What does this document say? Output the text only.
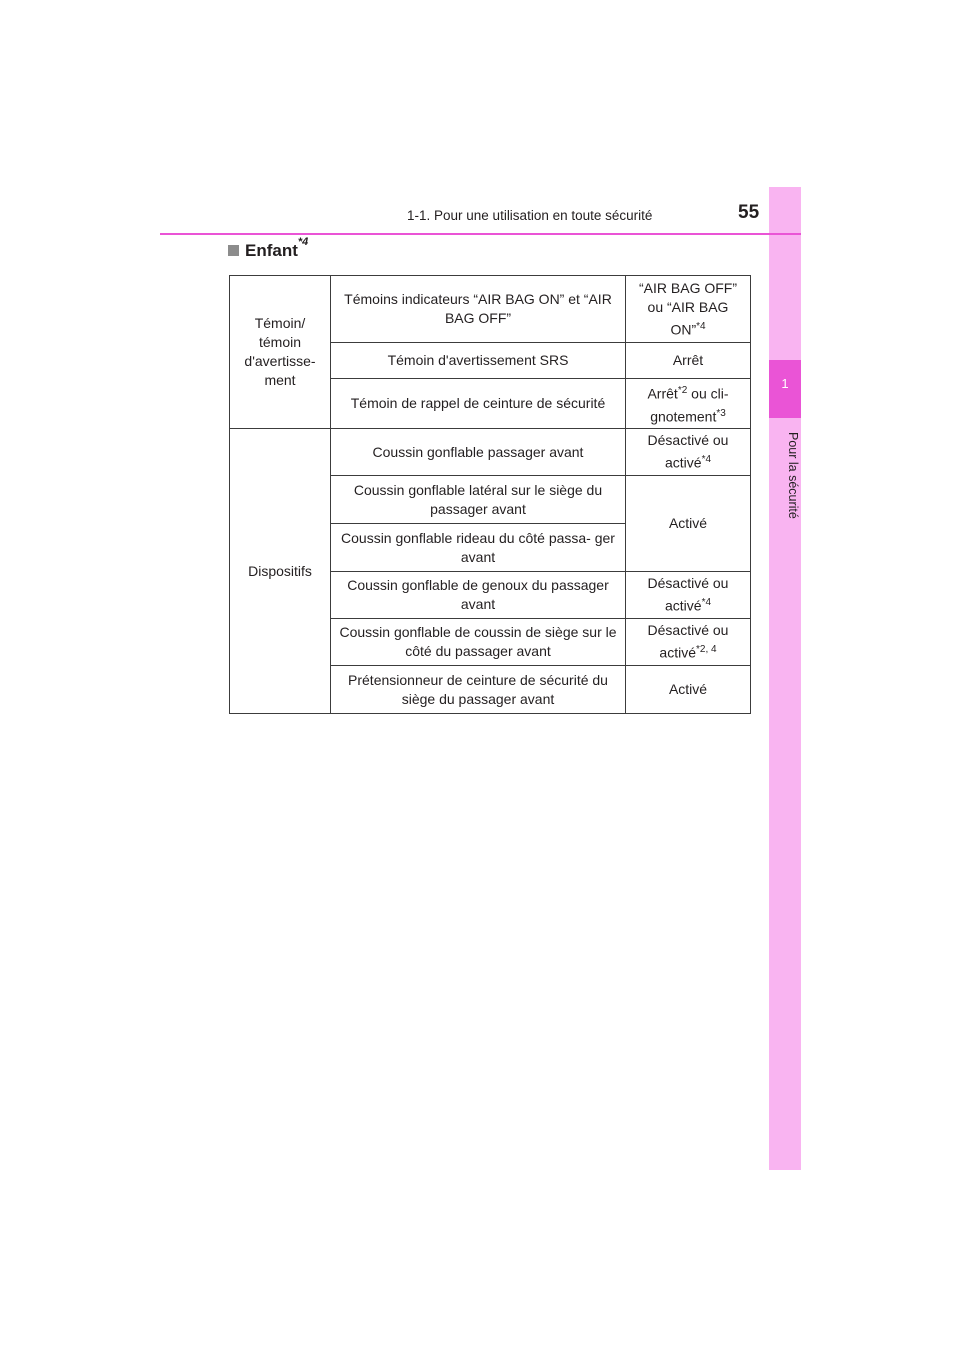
1
Pour la sécurité
1-1. Pour une utilisation en toute sécurité	55
Enfant$^{*4}$
Témoin/ témoin d'avertisse- ment	Témoins indicateurs “AIR BAG ON” et “AIR BAG OFF”	“AIR BAG OFF” ou “AIR BAG ON”$^{*4}$
	Témoin d'avertissement SRS	Arrêt
	Témoin de rappel de ceinture de sécurité	Arrêt$^{*2}$ ou cli- gnotement$^{*3}$
Dispositifs	Coussin gonflable passager avant	Désactivé ou activé$^{*4}$
	Coussin gonflable latéral sur le siège du passager avant	Activé
	Coussin gonflable rideau du côté passa- ger avant	
	Coussin gonflable de genoux du passager avant	Désactivé ou activé$^{*4}$
	Coussin gonflable de coussin de siège sur le côté du passager avant	Désactivé ou activé$^{*2, 4}$
	Prétensionneur de ceinture de sécurité du siège du passager avant	Activé
